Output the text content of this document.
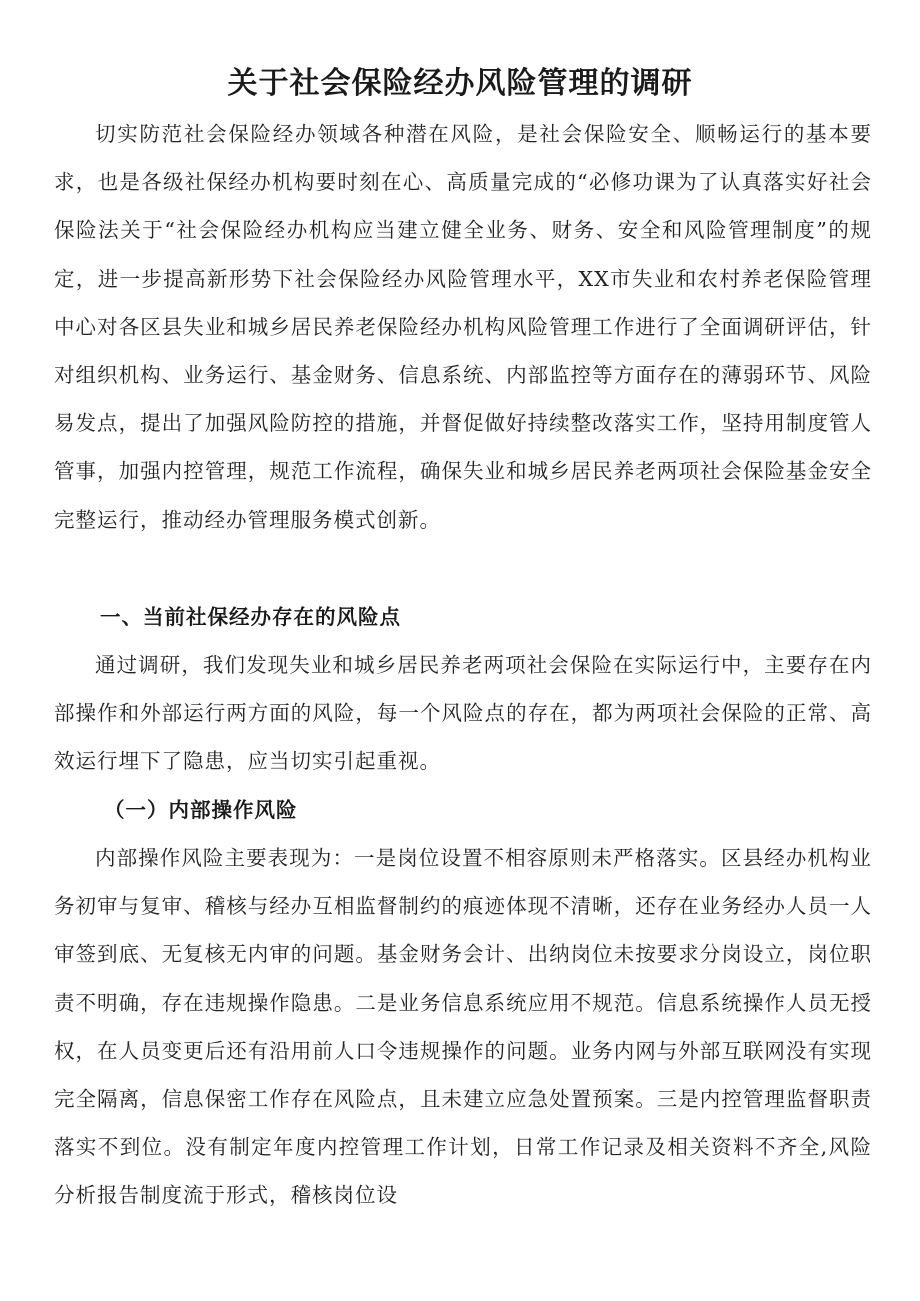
关于社会保险经办风险管理的调研

切实防范社会保险经办领域各种潜在风险，是社会保险安全、顺畅运行的基本要求，也是各级社保经办机构要时刻在心、高质量完成的“必修功课为了认真落实好社会保险法关于“社会保险经办机构应当建立健全业务、财务、安全和风险管理制度”的规定，进一步提高新形势下社会保险经办风险管理水平，XX市失业和农村养老保险管理中心对各区县失业和城乡居民养老保险经办机构风险管理工作进行了全面调研评估，针对组织机构、业务运行、基金财务、信息系统、内部监控等方面存在的薄弱环节、风险易发点，提出了加强风险防控的措施，并督促做好持续整改落实工作，坚持用制度管人管事，加强内控管理，规范工作流程，确保失业和城乡居民养老两项社会保险基金安全完整运行，推动经办管理服务模式创新。

一、当前社保经办存在的风险点

通过调研，我们发现失业和城乡居民养老两项社会保险在实际运行中，主要存在内部操作和外部运行两方面的风险，每一个风险点的存在，都为两项社会保险的正常、高效运行埋下了隐患，应当切实引起重视。

（一）内部操作风险

内部操作风险主要表现为：一是岗位设置不相容原则未严格落实。区县经办机构业务初审与复审、稽核与经办互相监督制约的痕迹体现不清晰，还存在业务经办人员一人审签到底、无复核无内审的问题。基金财务会计、出纳岗位未按要求分岗设立，岗位职责不明确，存在违规操作隐患。二是业务信息系统应用不规范。信息系统操作人员无授权，在人员变更后还有沿用前人口令违规操作的问题。业务内网与外部互联网没有实现完全隔离，信息保密工作存在风险点，且未建立应急处置预案。三是内控管理监督职责落实不到位。没有制定年度内控管理工作计划，日常工作记录及相关资料不齐全,风险分析报告制度流于形式，稽核岗位设
